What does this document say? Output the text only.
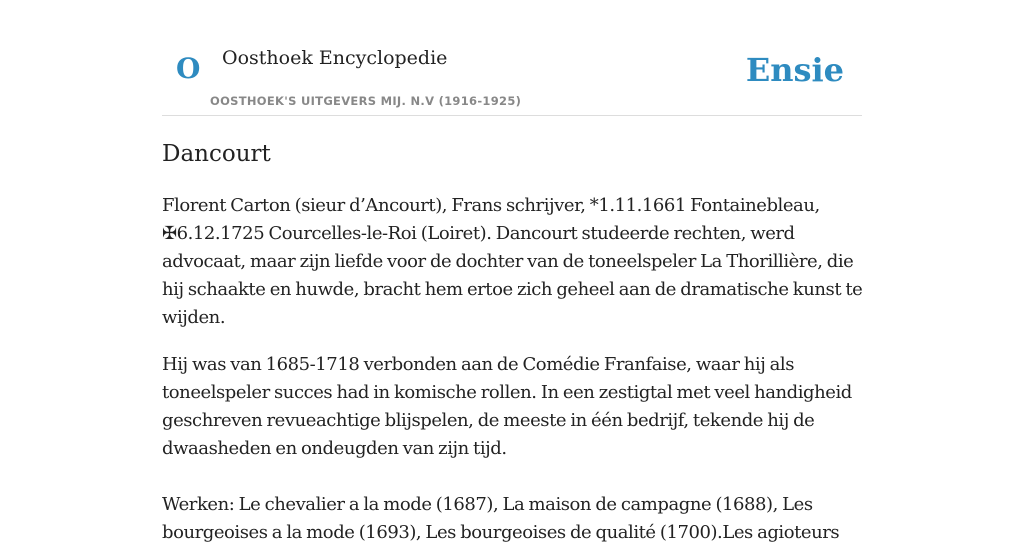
O Oosthoek Encyclopedie
OOSTHOEK'S UITGEVERS MIJ. N.V (1916-1925)
Ensie
Dancourt

Florent Carton (sieur d’Ancourt), Frans schrijver, *1.11.1661 Fontainebleau, ✠6.12.1725 Courcelles-le-Roi (Loiret). Dancourt studeerde rechten, werd advocaat, maar zijn liefde voor de dochter van de toneelspeler La Thorillière, die hij schaakte en huwde, bracht hem ertoe zich geheel aan de dramatische kunst te wijden.

Hij was van 1685-1718 verbonden aan de Comédie Franfaise, waar hij als toneelspeler succes had in komische rollen. In een zestigtal met veel handigheid geschreven revueachtige blijspelen, de meeste in één bedrijf, tekende hij de dwaasheden en ondeugden van zijn tijd.

Werken: Le chevalier a la mode (1687), La maison de campagne (1688), Les bourgeoises a la mode (1693), Les bourgeoises de qualité (1700).Les agioteurs
